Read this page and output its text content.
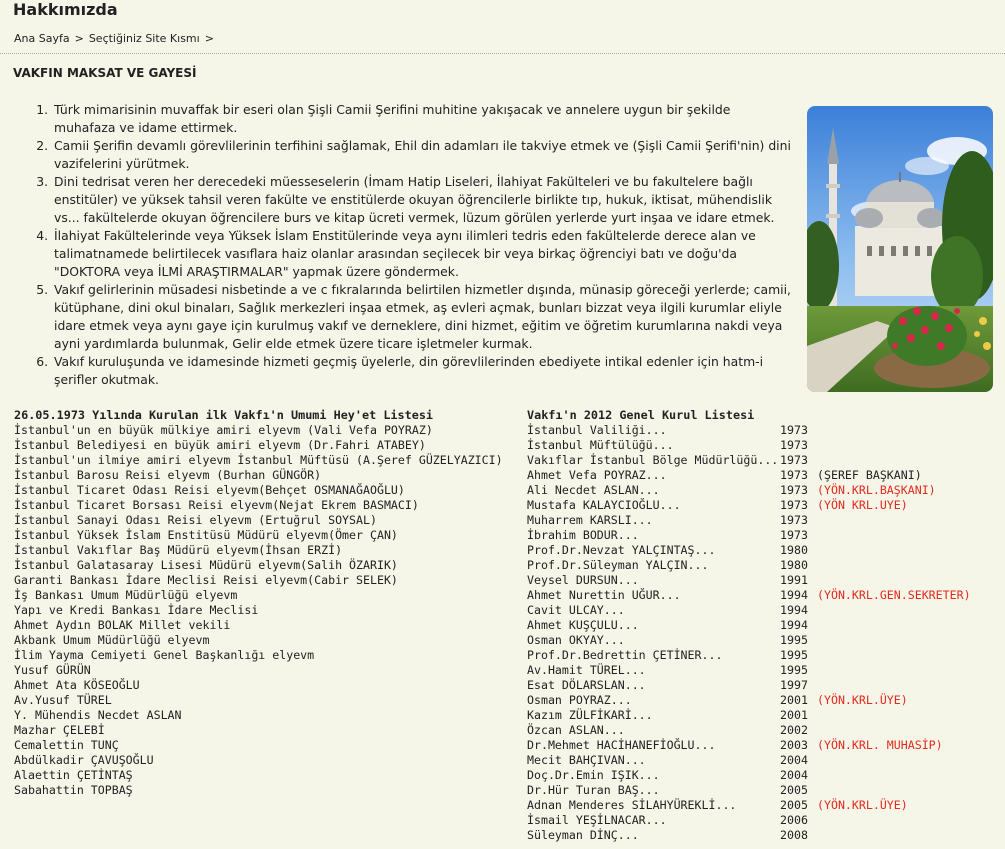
Hakkımızda
Ana Sayfa > Seçtiğiniz Site Kısmı >
VAKFIN MAKSAT VE GAYESİ
1. Türk mimarisinin muvaffak bir eseri olan Şişli Camii Şerifini muhitine yakışacak ve annelere uygun bir şekilde muhafaza ve idame ettirmek.
2. Camii Şerifin devamlı görevlilerinin terfihini sağlamak, Ehil din adamları ile takviye etmek ve (Şişli Camii Şerifi'nin) dini vazifelerini yürütmek.
3. Dini tedrisat veren her derecedeki müesseselerin (İmam Hatip Liseleri, İlahiyat Fakülteleri ve bu fakultelere bağlı enstitüler) ve yüksek tahsil veren fakülte ve enstitülerde okuyan öğrencilerle birlikte tıp, hukuk, iktisat, mühendislik vs... fakültelerde okuyan öğrencilere burs ve kitap ücreti vermek, lüzum görülen yerlerde yurt inşaa ve idare etmek.
4. İlahiyat Fakültelerinde veya Yüksek İslam Enstitülerinde veya aynı ilimleri tedris eden fakültelerde derece alan ve talimatnamede belirtilecek vasıflara haiz olanlar arasından seçilecek bir veya birkaç öğrenciyi batı ve doğu'da "DOKTORA veya İLMİ ARAŞTIRMALAR" yapmak üzere göndermek.
5. Vakıf gelirlerinin müsadesi nisbetinde a ve c fıkralarında belirtilen hizmetler dışında, münasip göreceği yerlerde; camii, kütüphane, dini okul binaları, Sağlık merkezleri inşaa etmek, aş evleri açmak, bunları bizzat veya ilgili kurumlar eliyle idare etmek veya aynı gaye için kurulmuş vakıf ve derneklere, dini hizmet, eğitim ve öğretim kurumlarına nakdi veya ayni yardımlarda bulunmak, Gelir elde etmek üzere ticare işletmeler kurmak.
6. Vakıf kuruluşunda ve idamesinde hizmeti geçmiş üyelerle, din görevlilerinden ebediyete intikal edenler için hatm-i şerifler okutmak.
26.05.1973 Yılında Kurulan ilk Vakfı'n Umumi Hey'et Listesi
İstanbul'un en büyük mülkiye amiri elyevm (Vali Vefa POYRAZ)
İstanbul Belediyesi en büyük amiri elyevm (Dr.Fahri ATABEY)
İstanbul'un ilmiye amiri elyevm İstanbul Müftüsü (A.Şeref GÜZELYAZICI)
İstanbul Barosu Reisi elyevm (Burhan GÜNGÖR)
İstanbul Ticaret Odası Reisi elyevm(Behçet OSMANAĞAOĞLU)
İstanbul Ticaret Borsası Reisi elyevm(Nejat Ekrem BASMACI)
İstanbul Sanayi Odası Reisi elyevm (Ertuğrul SOYSAL)
İstanbul Yüksek İslam Enstitüsü Müdürü elyevm(Ömer ÇAN)
İstanbul Vakıflar Baş Müdürü elyevm(İhsan ERZİ)
İstanbul Galatasaray Lisesi Müdürü elyevm(Salih ÖZARIK)
Garanti Bankası İdare Meclisi Reisi elyevm(Cabir SELEK)
İş Bankası Umum Müdürlüğü elyevm
Yapı ve Kredi Bankası İdare Meclisi
Ahmet Aydın BOLAK Millet vekili
Akbank Umum Müdürlüğü elyevm
İlim Yayma Cemiyeti Genel Başkanlığı elyevm
Yusuf GÜRÜN
Ahmet Ata KÖSEOĞLU
Av.Yusuf TÜREL
Y. Mühendis Necdet ASLAN
Mazhar ÇELEBİ
Cemalettin TUNÇ
Abdülkadir ÇAVUŞOĞLU
Alaettin ÇETİNTAŞ
Sabahattin TOPBAŞ
Vakfı'n 2012 Genel Kurul Listesi
İstanbul Valiliği...	1973
İstanbul Müftülüğü...	1973
Vakıflar İstanbul Bölge Müdürlüğü... 1973
Ahmet Vefa POYRAZ...	1973 (ŞEREF BAŞKANI)
Ali Necdet ASLAN...	1973 (YÖN.KRL.BAŞKANI)
Mustafa KALAYCIOĞLU...	1973 (YÖN KRL.UYE)
Muharrem KARSLI...	1973
İbrahim BODUR...	1973
Prof.Dr.Nevzat YALÇINTAŞ...	1980
Prof.Dr.Süleyman YALÇIN...	1980
Veysel DURSUN...	1991
Ahmet Nurettin UĞUR...	1994 (YÖN.KRL.GEN.SEKRETER)
Cavit ULCAY...	1994
Ahmet KUŞÇULU...	1994
Osman OKYAY...	1995
Prof.Dr.Bedrettin ÇETİNER...	1995
Av.Hamit TÜREL...	1995
Esat DÖLARSLAN...	1997
Osman POYRAZ...	2001 (YÖN.KRL.ÜYE)
Kazım ZÜLFİKARİ...	2001
Özcan ASLAN...	2002
Dr.Mehmet HACİHANEFİOĞLU...	2003 (YÖN.KRL. MUHASİP)
Mecit BAHÇIVAN...	2004
Doç.Dr.Emin IŞIK...	2004
Dr.Hür Turan BAŞ...	2005
Adnan Menderes SİLAHYÜREKLİ...	2005 (YÖN.KRL.ÜYE)
İsmail YEŞİLNACAR...	2006
Süleyman DİNÇ...	2008
